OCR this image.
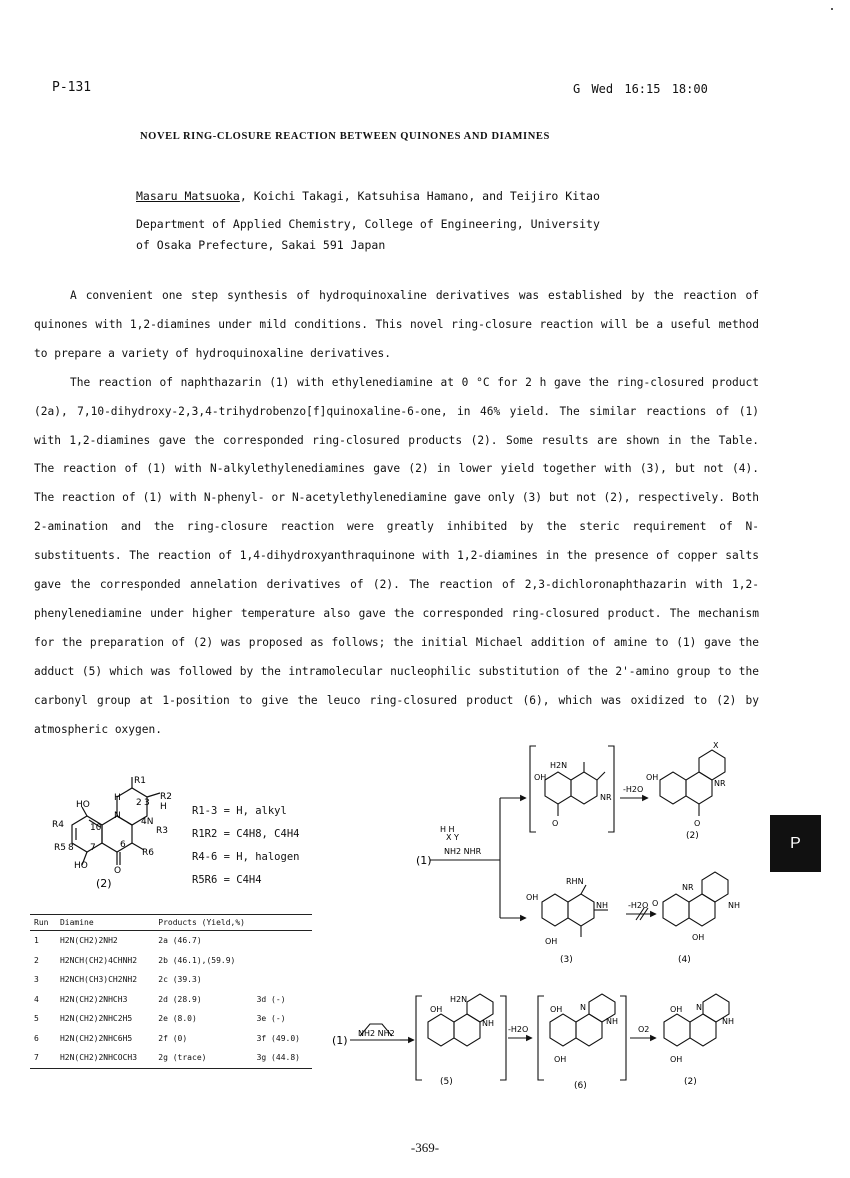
P-131	G Wed 16:15 18:00
NOVEL RING-CLOSURE REACTION BETWEEN QUINONES AND DIAMINES
Masaru Matsuoka, Koichi Takagi, Katsuhisa Hamano, and Teijiro Kitao
Department of Applied Chemistry, College of Engineering, University
of Osaka Prefecture, Sakai 591 Japan

A convenient one step synthesis of hydroquinoxaline derivatives was established by the reaction of quinones with 1,2-diamines under mild conditions. This novel ring-closure reaction will be a useful method to prepare a variety of hydroquinoxaline derivatives.

The reaction of naphthazarin (1) with ethylenediamine at 0 °C for 2 h gave the ring-closured product (2a), 7,10-dihydroxy-2,3,4-trihydrobenzo[f]quinoxaline-6-one, in 46% yield. The similar reactions of (1) with 1,2-diamines gave the corresponded ring-closured products (2). Some results are shown in the Table. The reaction of (1) with N-alkylethylenediamines gave (2) in lower yield together with (3), but not (4). The reaction of (1) with N-phenyl- or N-acetylethylenediamine gave only (3) but not (2), respectively. Both 2-amination and the ring-closure reaction were greatly inhibited by the steric requirement of N-substituents. The reaction of 1,4-dihydroxyanthraquinone with 1,2-diamines in the presence of copper salts gave the corresponded annelation derivatives of (2). The reaction of 2,3-dichloronaphthazarin with 1,2-phenylenediamine under higher temperature also gave the corresponded ring-closured product. The mechanism for the preparation of (2) was proposed as follows; the initial Michael addition of amine to (1) gave the adduct (5) which was followed by the intramolecular nucleophilic substitution of the 2'-amino group to the carbonyl group at 1-position to give the leuco ring-closured product (6), which was oxidized to (2) by atmospheric oxygen.

R1
H
N
4N
2 3
R2
H
R3
HO
10
R4
R5 8 7	6
R6
HO	O
(2)
R1-3 = H, alkyl
R1R2 = C4H8, C4H4
R4-6 = H, halogen
R5R6 = C4H4
Run	Diamine	Products (Yield,%)	
1	H2N(CH2)2NH2	2a (46.7)	
2	H2NCH(CH2)4CHNH2	2b (46.1),(59.9)	
3	H2NCH(CH3)CH2NH2	2c (39.3)	
4	H2N(CH2)2NHCH3	2d (28.9)	3d (-)
5	H2N(CH2)2NHC2H5	2e (8.0)	3e (-)
6	H2N(CH2)2NHC6H5	2f (0)	3f (49.0)
7	H2N(CH2)2NHCOCH3	2g (trace)	3g (44.8)
(1)
X Y
H H
NH2 NHR
H2N
NR
OH
O
-H2O
OH
NR
X
O
(2)
RHN
OH
NH
OH
(3)
-H2O O
NR
NH
OH
(4)
(1)
NH2 NH2
OH
H2N
NH
(5)
-H2O
OH N
NH
OH
(6)
O2
OH N
NH
OH
(2)
P
-369-
